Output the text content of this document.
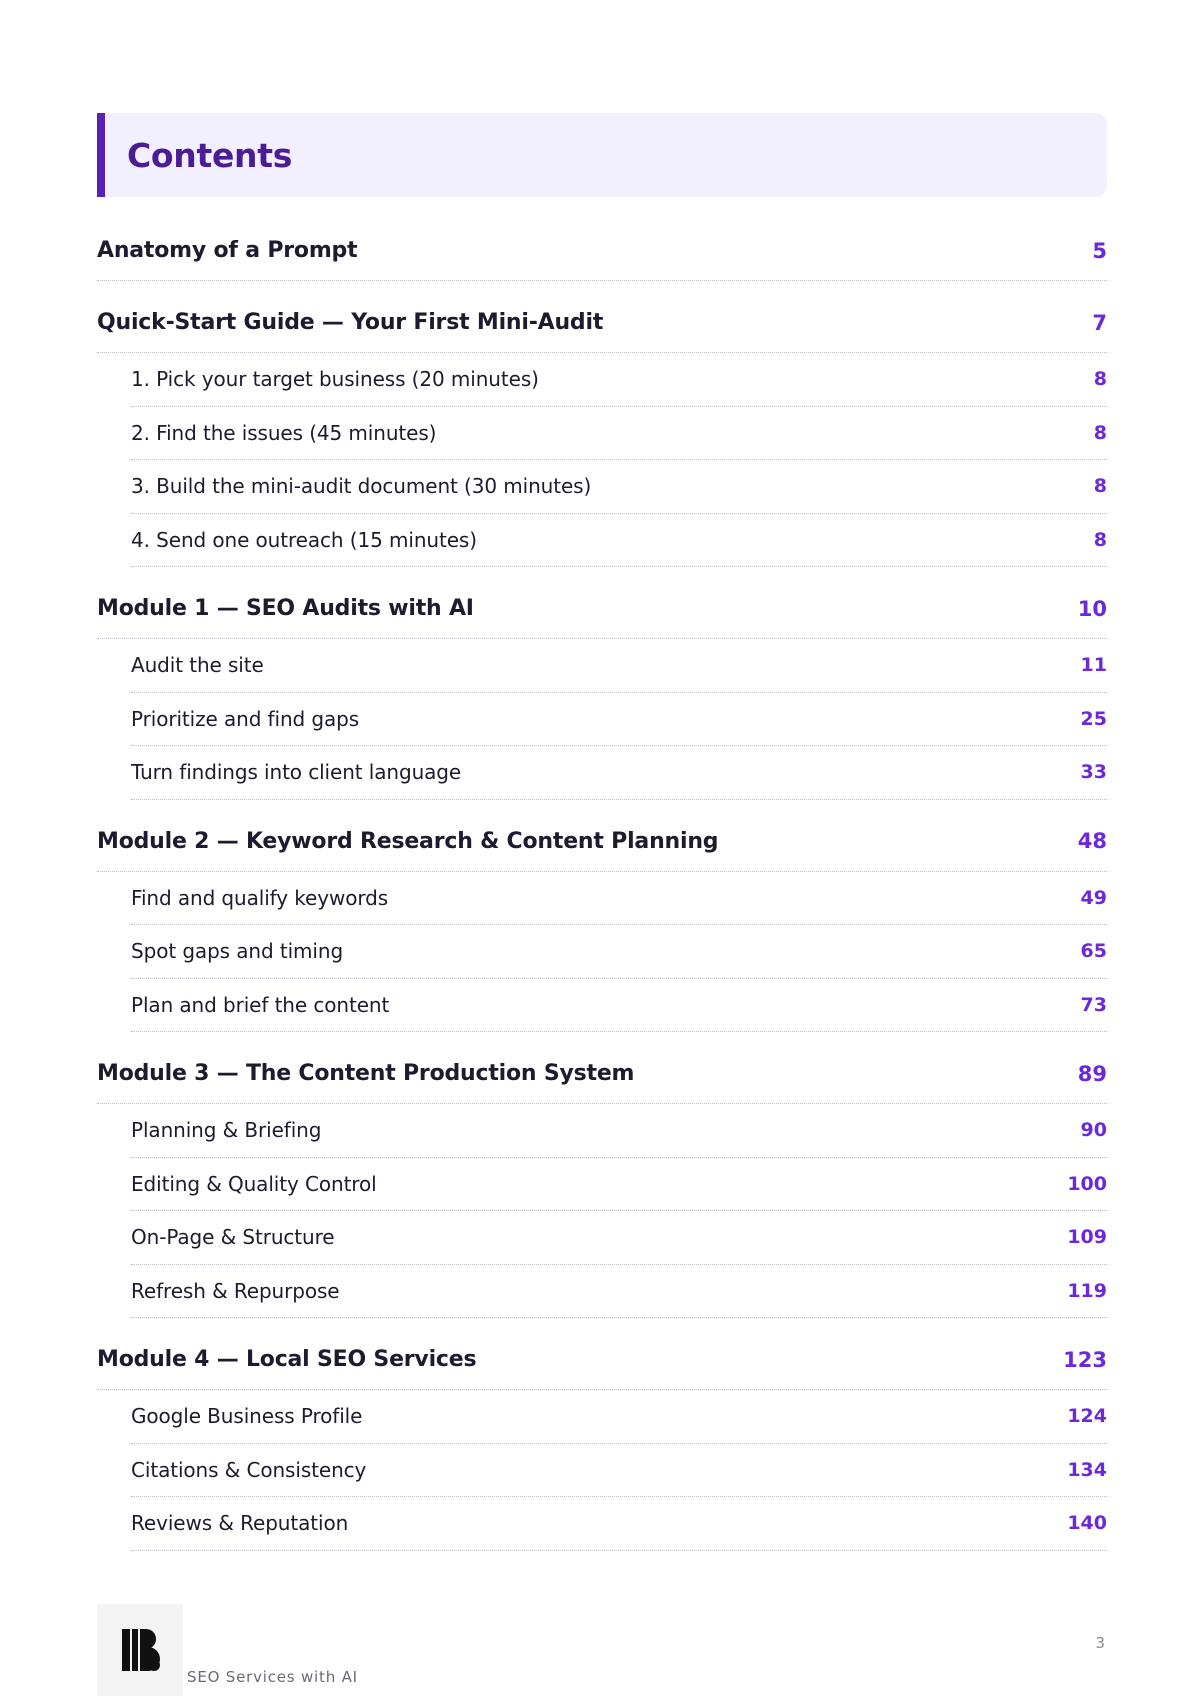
Contents
Anatomy of a Prompt	5
Quick-Start Guide — Your First Mini-Audit	7
1. Pick your target business (20 minutes)	8
2. Find the issues (45 minutes)	8
3. Build the mini-audit document (30 minutes)	8
4. Send one outreach (15 minutes)	8
Module 1 — SEO Audits with AI	10
Audit the site	11
Prioritize and find gaps	25
Turn findings into client language	33
Module 2 — Keyword Research & Content Planning	48
Find and qualify keywords	49
Spot gaps and timing	65
Plan and brief the content	73
Module 3 — The Content Production System	89
Planning & Briefing	90
Editing & Quality Control	100
On-Page & Structure	109
Refresh & Repurpose	119
Module 4 — Local SEO Services	123
Google Business Profile	124
Citations & Consistency	134
Reviews & Reputation	140
SEO Services with AI
3
